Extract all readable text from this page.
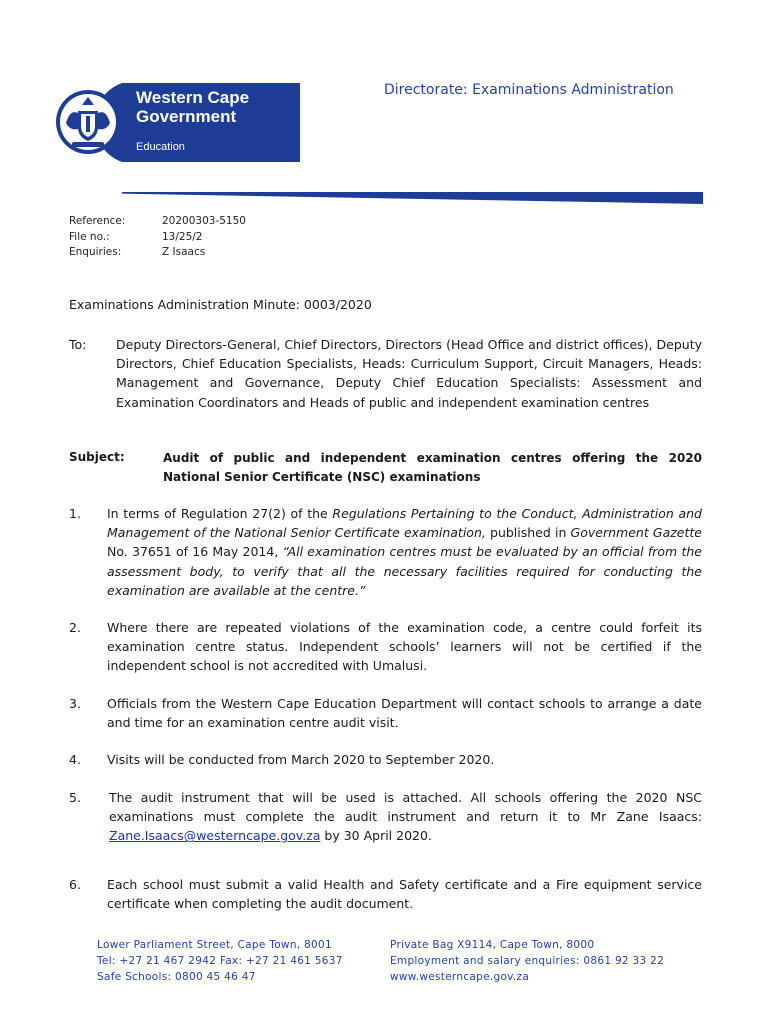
Western Cape
Government
Education
Directorate: Examinations Administration
Reference:	20200303-5150
File no.:	13/25/2
Enquiries:	Z Isaacs
Examinations Administration Minute: 0003/2020
To: Deputy Directors-General, Chief Directors, Directors (Head Office and district offices), Deputy Directors, Chief Education Specialists, Heads: Curriculum Support, Circuit Managers, Heads: Management and Governance, Deputy Chief Education Specialists: Assessment and Examination Coordinators and Heads of public and independent examination centres
Subject:	Audit of public and independent examination centres offering the 2020 National Senior Certificate (NSC) examinations
1. In terms of Regulation 27(2) of the Regulations Pertaining to the Conduct, Administration and Management of the National Senior Certificate examination, published in Government Gazette No. 37651 of 16 May 2014, “All examination centres must be evaluated by an official from the assessment body, to verify that all the necessary facilities required for conducting the examination are available at the centre.”
2. Where there are repeated violations of the examination code, a centre could forfeit its examination centre status. Independent schools’ learners will not be certified if the independent school is not accredited with Umalusi.
3. Officials from the Western Cape Education Department will contact schools to arrange a date and time for an examination centre audit visit.
4. Visits will be conducted from March 2020 to September 2020.
5. The audit instrument that will be used is attached. All schools offering the 2020 NSC examinations must complete the audit instrument and return it to Mr Zane Isaacs: Zane.Isaacs@westerncape.gov.za by 30 April 2020.
6. Each school must submit a valid Health and Safety certificate and a Fire equipment service certificate when completing the audit document.
Lower Parliament Street, Cape Town, 8001
Tel: +27 21 467 2942 Fax: +27 21 461 5637
Safe Schools: 0800 45 46 47
Private Bag X9114, Cape Town, 8000
Employment and salary enquiries: 0861 92 33 22
www.westerncape.gov.za
